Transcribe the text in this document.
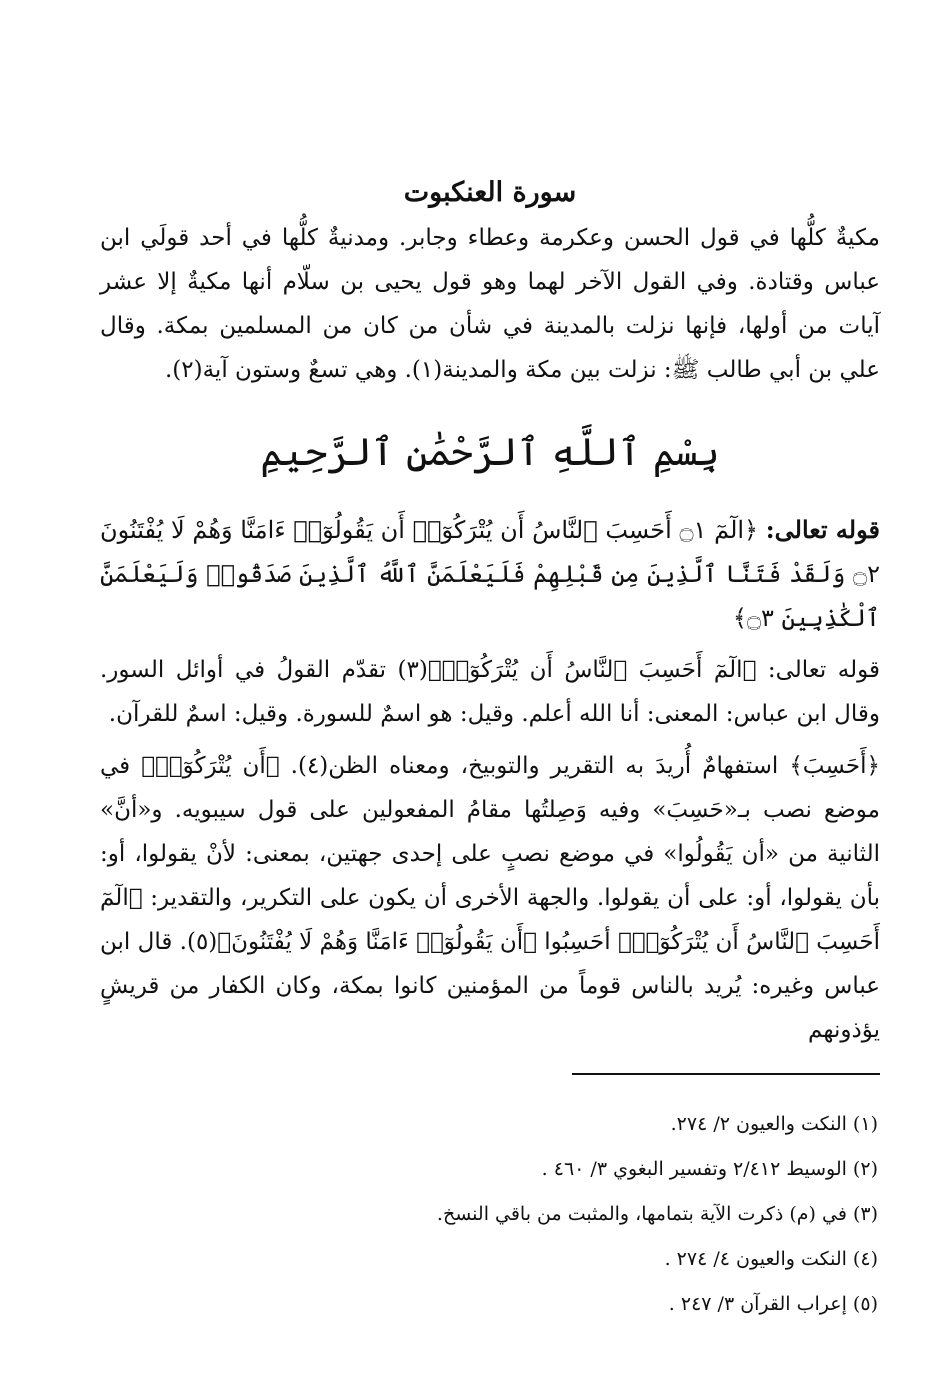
سورة العنكبوت

مكيةٌ كلُّها في قول الحسن وعكرمة وعطاء وجابر. ومدنيةٌ كلُّها في أحد قولَي ابن عباس وقتادة. وفي القول الآخر لهما وهو قول يحيى بن سلّام أنها مكيةٌ إلا عشر آيات من أولها، فإنها نزلت بالمدينة في شأن من كان من المسلمين بمكة. وقال علي بن أبي طالب ﷺ: نزلت بين مكة والمدينة(١). وهي تسعٌ وستون آية(٢).

بِسْمِ ٱللَّهِ ٱلرَّحْمَٰنِ ٱلرَّحِيمِ

قوله تعالى: ﴿الٓمٓ ۝١ أَحَسِبَ ٱلنَّاسُ أَن يُتْرَكُوٓا۟ أَن يَقُولُوٓا۟ ءَامَنَّا وَهُمْ لَا يُفْتَنُونَ ۝٢ وَلَقَدْ فَتَنَّا ٱلَّذِينَ مِن قَبْلِهِمْ فَلَيَعْلَمَنَّ ٱللَّهُ ٱلَّذِينَ صَدَقُوا۟ وَلَيَعْلَمَنَّ ٱلْكَٰذِبِينَ ۝٣﴾

قوله تعالى: ﴿الٓمٓ أَحَسِبَ ٱلنَّاسُ أَن يُتْرَكُوٓا۟﴾(٣) تقدّم القولُ في أوائل السور. وقال ابن عباس: المعنى: أنا الله أعلم. وقيل: هو اسمٌ للسورة. وقيل: اسمٌ للقرآن.

﴿أَحَسِبَ﴾ استفهامٌ أُريدَ به التقرير والتوبيخ، ومعناه الظن(٤). ﴿أَن يُتْرَكُوٓا۟﴾ في موضع نصب بـ«حَسِبَ» وفيه وَصِلتُها مقامُ المفعولين على قول سيبويه. و«أنَّ» الثانية من «أن يَقُولُوا» في موضع نصبٍ على إحدى جهتين، بمعنى: لأنْ يقولوا، أو: بأن يقولوا، أو: على أن يقولوا. والجهة الأخرى أن يكون على التكرير، والتقدير: ﴿الٓمٓ أَحَسِبَ ٱلنَّاسُ أَن يُتْرَكُوٓا۟﴾ أحَسِبُوا ﴿أَن يَقُولُوٓا۟ ءَامَنَّا وَهُمْ لَا يُفْتَنُونَ﴾(٥). قال ابن عباس وغيره: يُريد بالناس قوماً من المؤمنين كانوا بمكة، وكان الكفار من قريشٍ يؤذونهم

(١) النكت والعيون ٢/ ٢٧٤.

(٢) الوسيط ٢/٤١٢ وتفسير البغوي ٣/ ٤٦٠ .

(٣) في (م) ذكرت الآية بتمامها، والمثبت من باقي النسخ.

(٤) النكت والعيون ٤/ ٢٧٤ .

(٥) إعراب القرآن ٣/ ٢٤٧ .
